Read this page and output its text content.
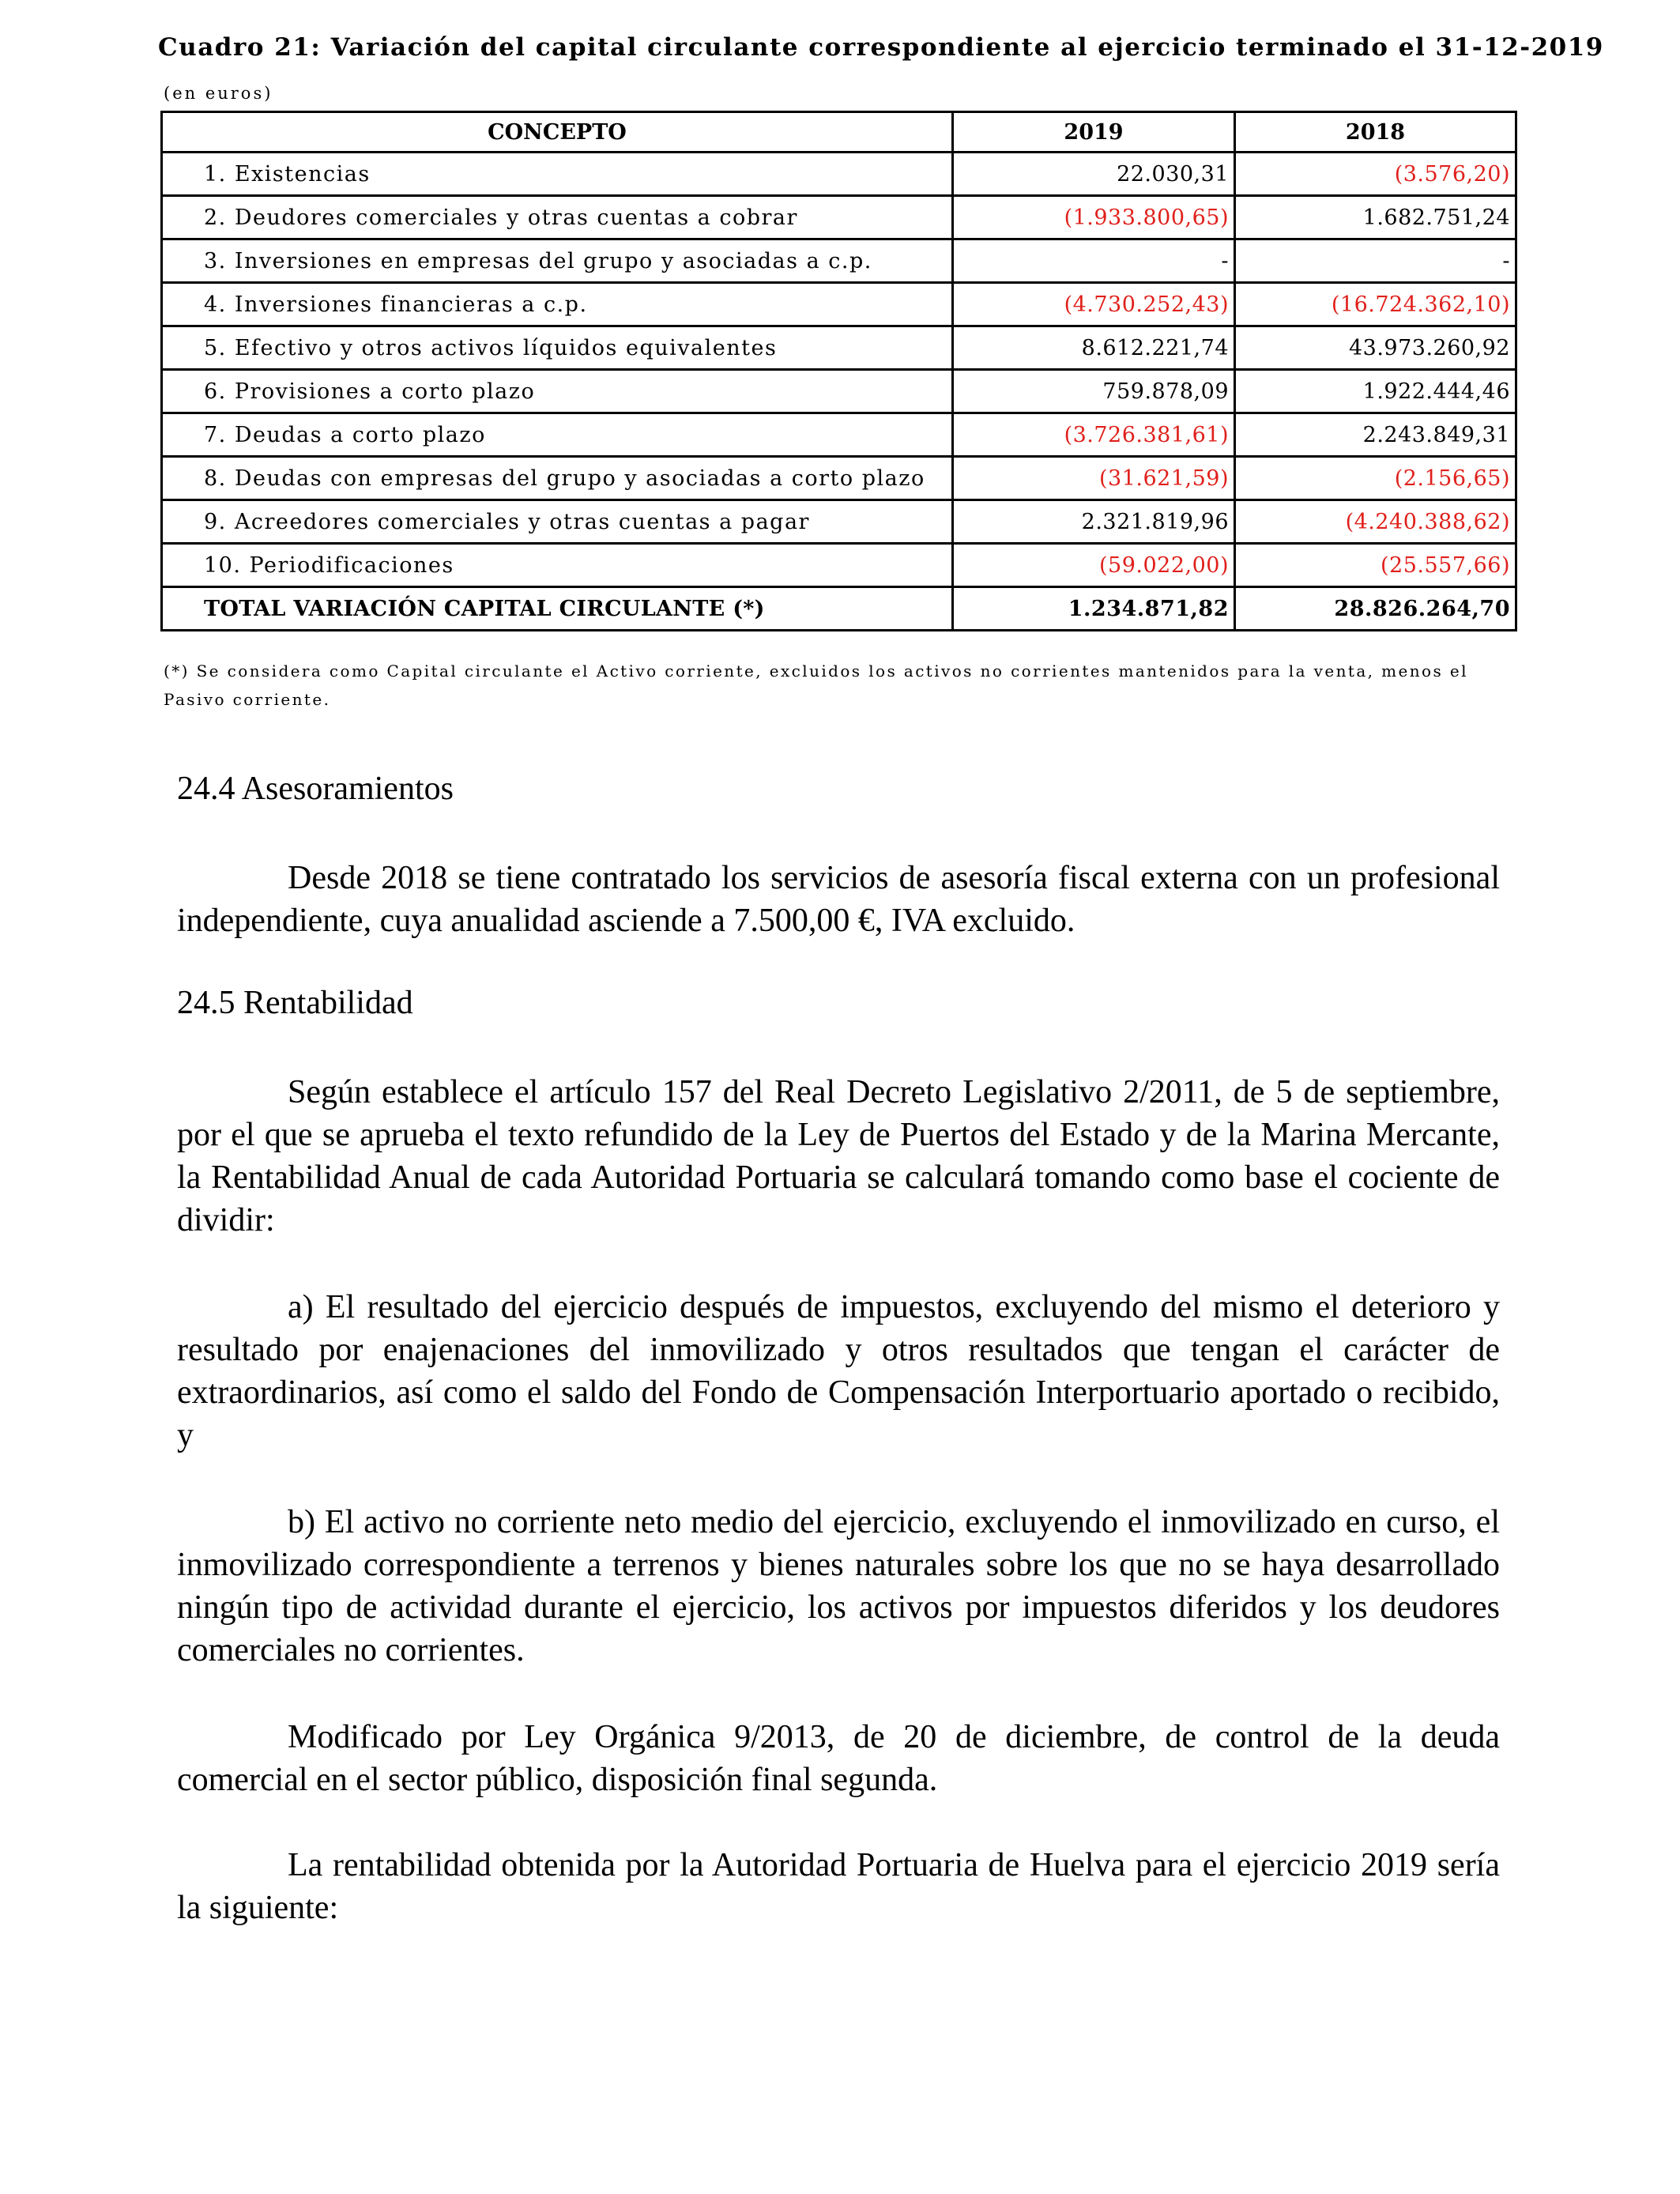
Cuadro 21: Variación del capital circulante correspondiente al ejercicio terminado el 31-12-2019
(en euros)
CONCEPTO	2019	2018
1. Existencias	22.030,31	(3.576,20)
2. Deudores comerciales y otras cuentas a cobrar	(1.933.800,65)	1.682.751,24
3. Inversiones en empresas del grupo y asociadas a c.p.	-	-
4. Inversiones financieras a c.p.	(4.730.252,43)	(16.724.362,10)
5. Efectivo y otros activos líquidos equivalentes	8.612.221,74	43.973.260,92
6. Provisiones a corto plazo	759.878,09	1.922.444,46
7. Deudas a corto plazo	(3.726.381,61)	2.243.849,31
8. Deudas con empresas del grupo y asociadas a corto plazo	(31.621,59)	(2.156,65)
9. Acreedores comerciales y otras cuentas a pagar	2.321.819,96	(4.240.388,62)
10. Periodificaciones	(59.022,00)	(25.557,66)
TOTAL VARIACIÓN CAPITAL CIRCULANTE (*)	1.234.871,82	28.826.264,70
(*) Se considera como Capital circulante el Activo corriente, excluidos los activos no corrientes mantenidos para la venta, menos el Pasivo corriente.
24.4 Asesoramientos

Desde 2018 se tiene contratado los servicios de asesoría fiscal externa con un profesional independiente, cuya anualidad asciende a 7.500,00 €, IVA excluido.

24.5 Rentabilidad

Según establece el artículo 157 del Real Decreto Legislativo 2/2011, de 5 de septiembre, por el que se aprueba el texto refundido de la Ley de Puertos del Estado y de la Marina Mercante, la Rentabilidad Anual de cada Autoridad Portuaria se calculará tomando como base el cociente de dividir:

a) El resultado del ejercicio después de impuestos, excluyendo del mismo el deterioro y resultado por enajenaciones del inmovilizado y otros resultados que tengan el carácter de extraordinarios, así como el saldo del Fondo de Compensación Interportuario aportado o recibido, y

b) El activo no corriente neto medio del ejercicio, excluyendo el inmovilizado en curso, el inmovilizado correspondiente a terrenos y bienes naturales sobre los que no se haya desarrollado ningún tipo de actividad durante el ejercicio, los activos por impuestos diferidos y los deudores comerciales no corrientes.

Modificado por Ley Orgánica 9/2013, de 20 de diciembre, de control de la deuda comercial en el sector público, disposición final segunda.

La rentabilidad obtenida por la Autoridad Portuaria de Huelva para el ejercicio 2019 sería la siguiente:
